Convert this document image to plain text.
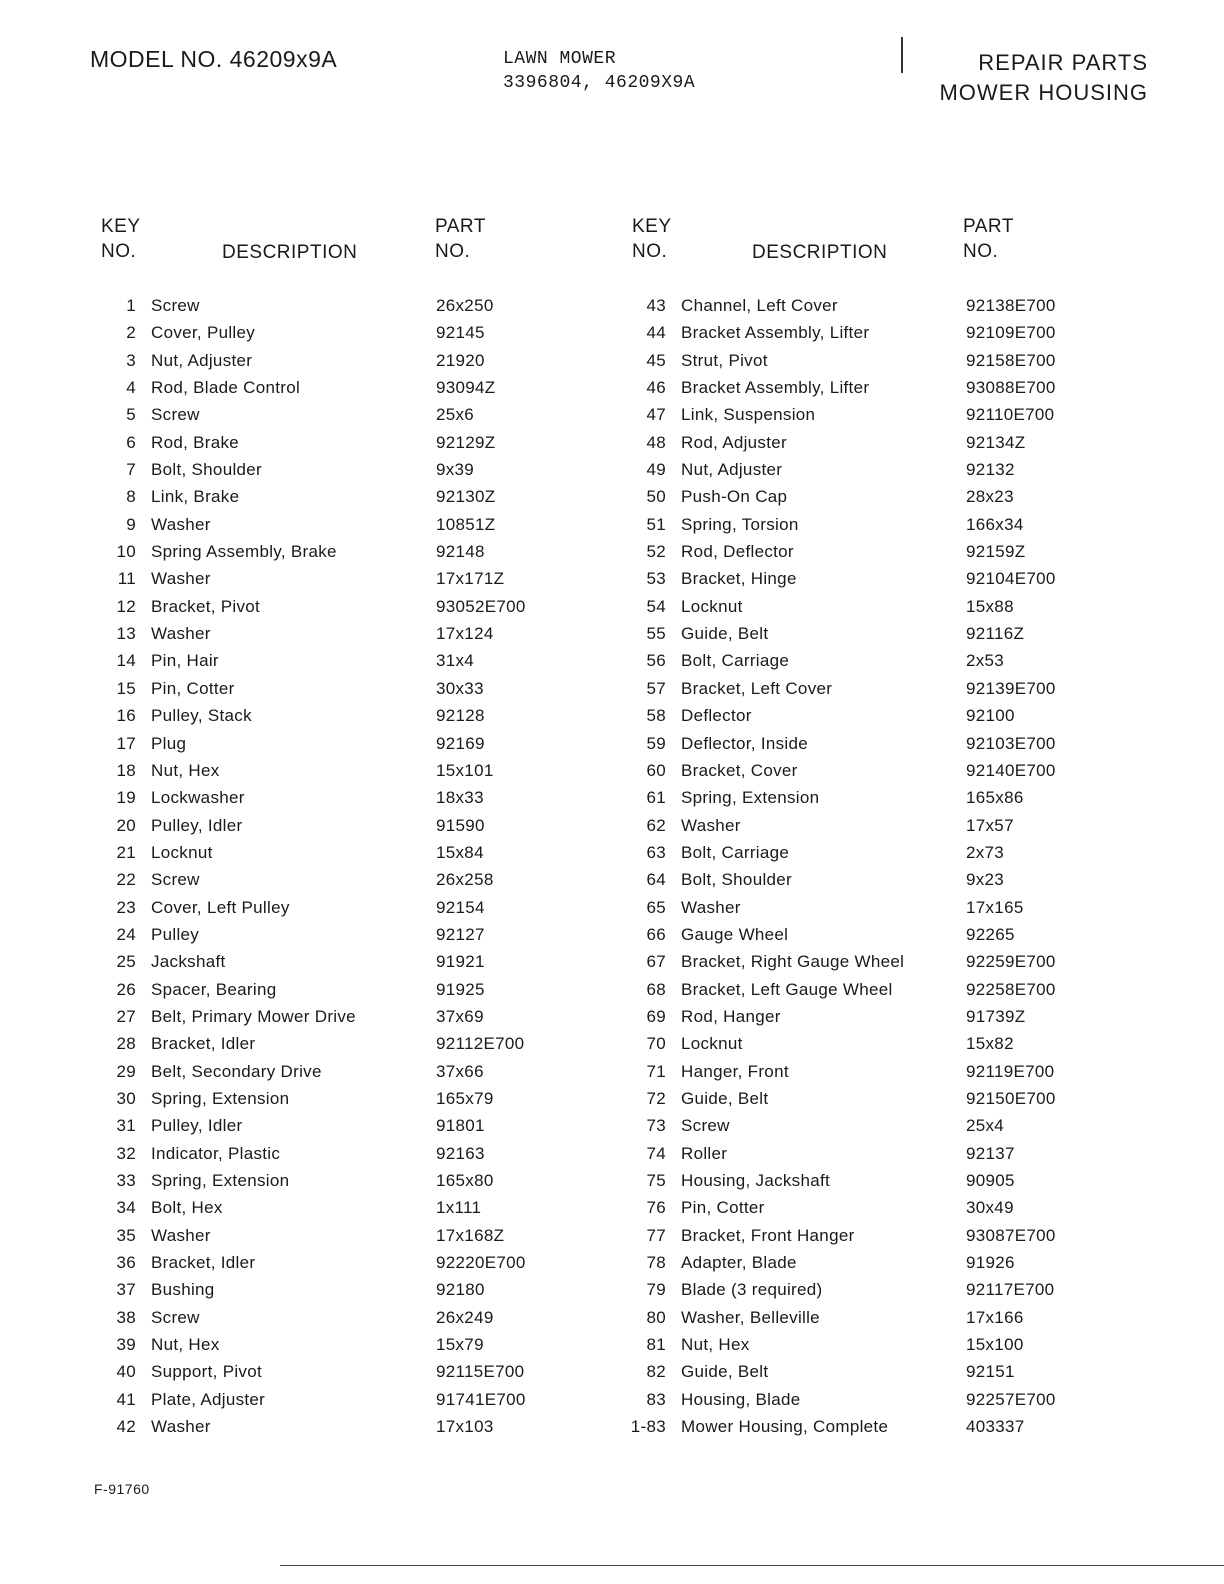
MODEL NO. 46209x9A	LAWN MOWER
3396804, 46209X9A
REPAIR PARTS
MOWER HOUSING
KEY
NO.	DESCRIPTION
PART
NO.
KEY
NO.	DESCRIPTION
PART
NO.
1 Screw	26x250
2 Cover, Pulley	92145
3 Nut, Adjuster	21920
4 Rod, Blade Control	93094Z
5 Screw	25x6
6 Rod, Brake	92129Z
7 Bolt, Shoulder	9x39
8 Link, Brake	92130Z
9 Washer	10851Z
10 Spring Assembly, Brake	92148
11 Washer	17x171Z
12 Bracket, Pivot	93052E700
13 Washer	17x124
14 Pin, Hair	31x4
15 Pin, Cotter	30x33
16 Pulley, Stack	92128
17 Plug	92169
18 Nut, Hex	15x101
19 Lockwasher	18x33
20 Pulley, Idler	91590
21 Locknut	15x84
22 Screw	26x258
23 Cover, Left Pulley	92154
24 Pulley	92127
25 Jackshaft	91921
26 Spacer, Bearing	91925
27 Belt, Primary Mower Drive	37x69
28 Bracket, Idler	92112E700
29 Belt, Secondary Drive	37x66
30 Spring, Extension	165x79
31 Pulley, Idler	91801
32 Indicator, Plastic	92163
33 Spring, Extension	165x80
34 Bolt, Hex	1x111
35 Washer	17x168Z
36 Bracket, Idler	92220E700
37 Bushing	92180
38 Screw	26x249
39 Nut, Hex	15x79
40 Support, Pivot	92115E700
41 Plate, Adjuster	91741E700
42 Washer	17x103
43 Channel, Left Cover	92138E700
44 Bracket Assembly, Lifter	92109E700
45 Strut, Pivot	92158E700
46 Bracket Assembly, Lifter	93088E700
47 Link, Suspension	92110E700
48 Rod, Adjuster	92134Z
49 Nut, Adjuster	92132
50 Push-On Cap	28x23
51 Spring, Torsion	166x34
52 Rod, Deflector	92159Z
53 Bracket, Hinge	92104E700
54 Locknut	15x88
55 Guide, Belt	92116Z
56 Bolt, Carriage	2x53
57 Bracket, Left Cover	92139E700
58 Deflector	92100
59 Deflector, Inside	92103E700
60 Bracket, Cover	92140E700
61 Spring, Extension	165x86
62 Washer	17x57
63 Bolt, Carriage	2x73
64 Bolt, Shoulder	9x23
65 Washer	17x165
66 Gauge Wheel	92265
67 Bracket, Right Gauge Wheel	92259E700
68 Bracket, Left Gauge Wheel	92258E700
69 Rod, Hanger	91739Z
70 Locknut	15x82
71 Hanger, Front	92119E700
72 Guide, Belt	92150E700
73 Screw	25x4
74 Roller	92137
75 Housing, Jackshaft	90905
76 Pin, Cotter	30x49
77 Bracket, Front Hanger	93087E700
78 Adapter, Blade	91926
79 Blade (3 required)	92117E700
80 Washer, Belleville	17x166
81 Nut, Hex	15x100
82 Guide, Belt	92151
83 Housing, Blade	92257E700
1-83 Mower Housing, Complete	403337
F-91760
